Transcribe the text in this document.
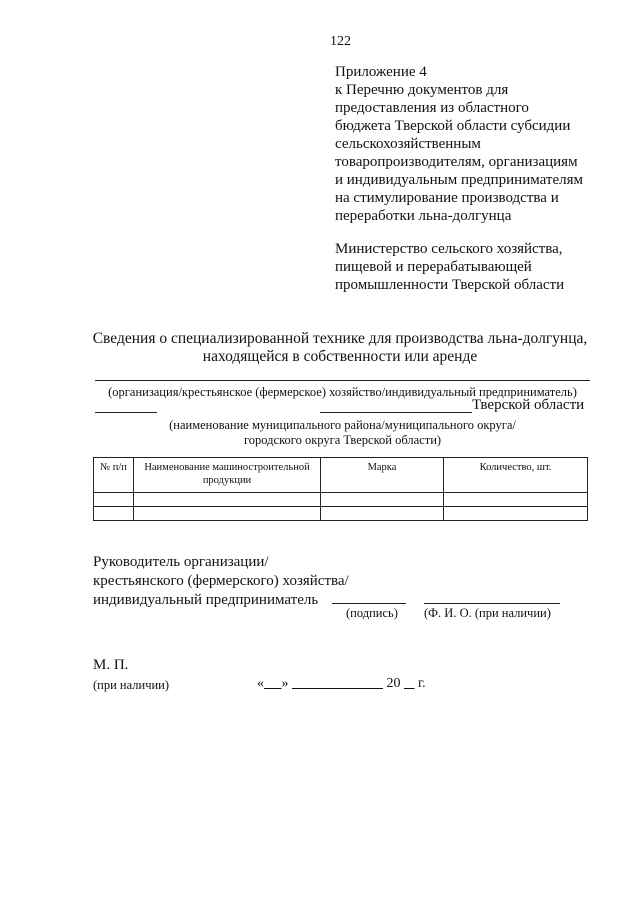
122
Приложение 4
к Перечню документов для
предоставления из областного
бюджета Тверской области субсидии
сельскохозяйственным
товаропроизводителям, организациям
и индивидуальным предпринимателям
на стимулирование производства и
переработки льна-долгунца
Министерство сельского хозяйства,
пищевой и перерабатывающей
промышленности Тверской области
Сведения о специализированной технике для производства льна-долгунца,
находящейся в собственности или аренде
(организация/крестьянское (фермерское) хозяйство/индивидуальный предприниматель)
Тверской области
(наименование муниципального района/муниципального округа/
городского округа Тверской области)
№ п/п	Наименование машиностроительной продукции	Марка	Количество, шт.

Руководитель организации/
крестьянского (фермерского) хозяйства/
индивидуальный предприниматель
(подпись) (Ф. И. О. (при наличии)
М. П.
(при наличии)	« »	20 г.
